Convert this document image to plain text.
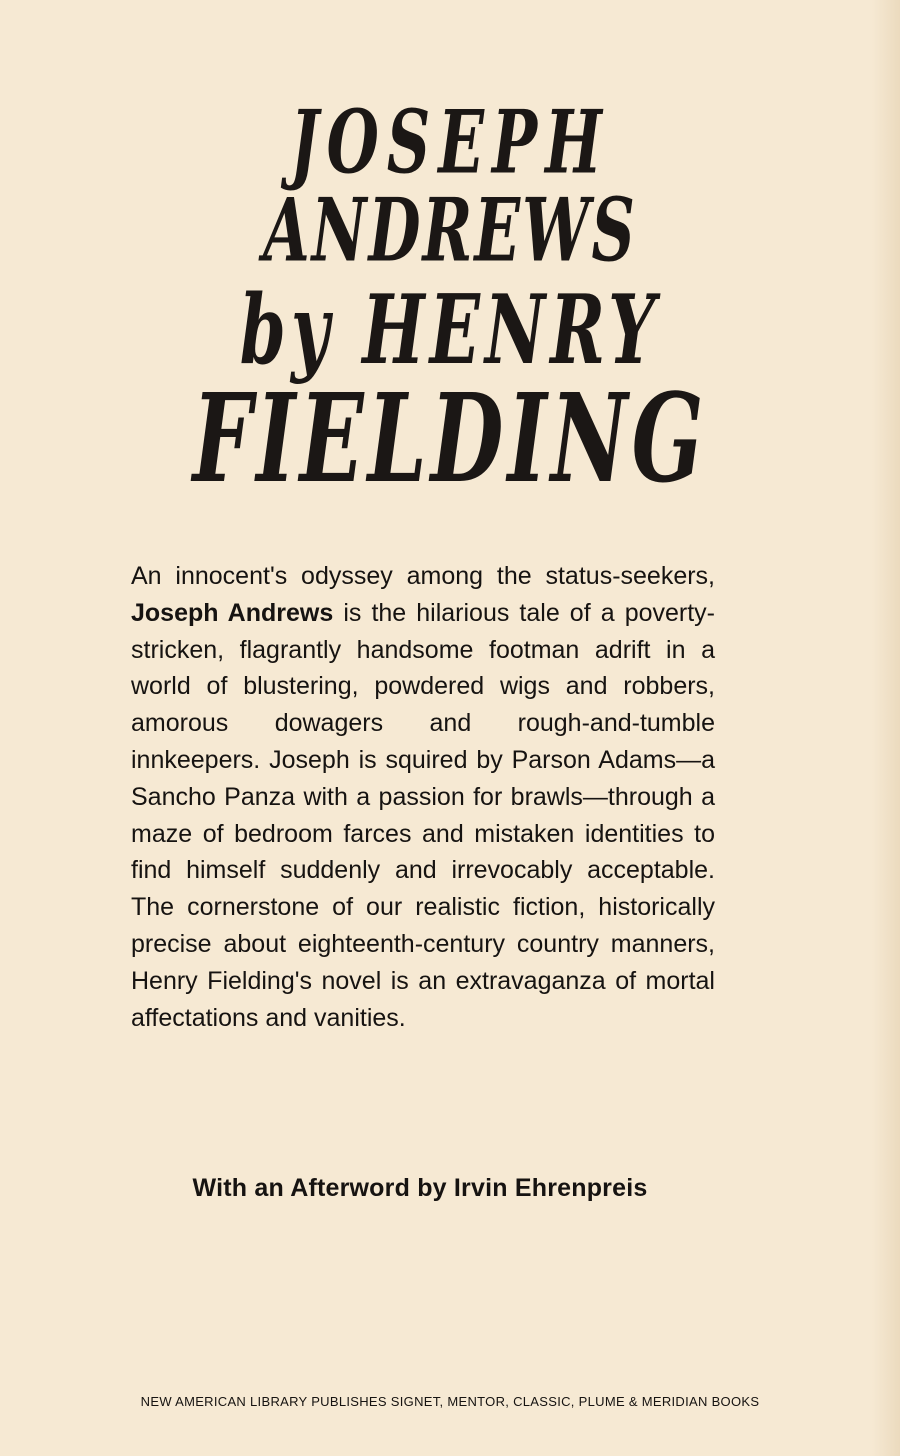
JOSEPH
ANDREWS
by HENRY
FIELDING

An innocent's odyssey among the status-seekers, Joseph Andrews is the hilarious tale of a poverty-stricken, flagrantly handsome footman adrift in a world of blustering, powdered wigs and robbers, amorous dowagers and rough-and-tumble innkeepers. Joseph is squired by Parson Adams—a Sancho Panza with a passion for brawls—through a maze of bedroom farces and mistaken identities to find himself suddenly and irrevocably acceptable. The cornerstone of our realistic fiction, historically precise about eighteenth-century country manners, Henry Fielding's novel is an extravaganza of mortal affectations and vanities.

With an Afterword by Irvin Ehrenpreis
NEW AMERICAN LIBRARY PUBLISHES SIGNET, MENTOR, CLASSIC, PLUME & MERIDIAN BOOKS
